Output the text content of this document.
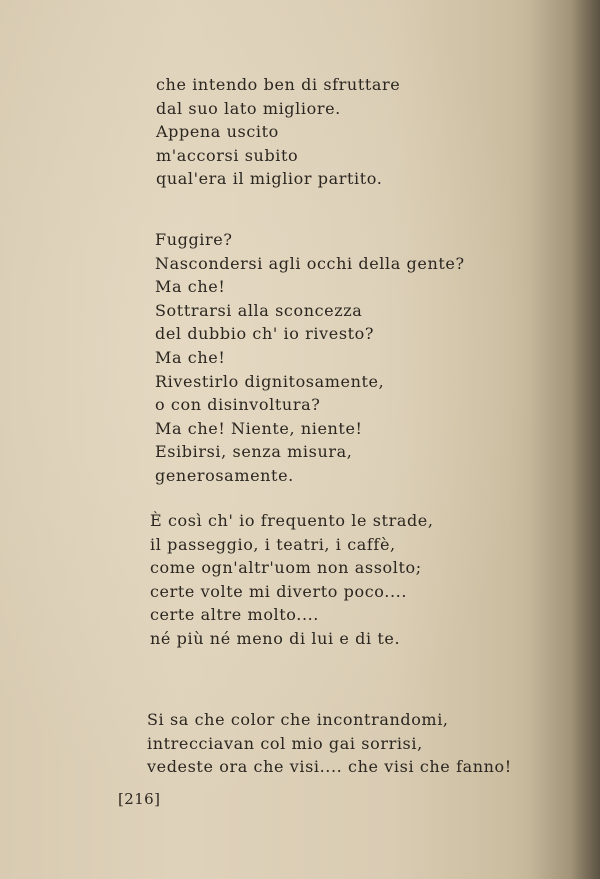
che intendo ben di sfruttare
dal suo lato migliore.
Appena uscito
m'accorsi subito
qual'era il miglior partito.
Fuggire?
Nascondersi agli occhi della gente?
Ma che!
Sottrarsi alla sconcezza
del dubbio ch' io rivesto?
Ma che!
Rivestirlo dignitosamente,
o con disinvoltura?
Ma che! Niente, niente!
Esibirsi, senza misura,
generosamente.
È così ch' io frequento le strade,
il passeggio, i teatri, i caffè,
come ogn'altr'uom non assolto;
certe volte mi diverto poco....
certe altre molto....
né più né meno di lui e di te.
Si sa che color che incontrandomi,
intrecciavan col mio gai sorrisi,
vedeste ora che visi.... che visi che fanno!
[216]
